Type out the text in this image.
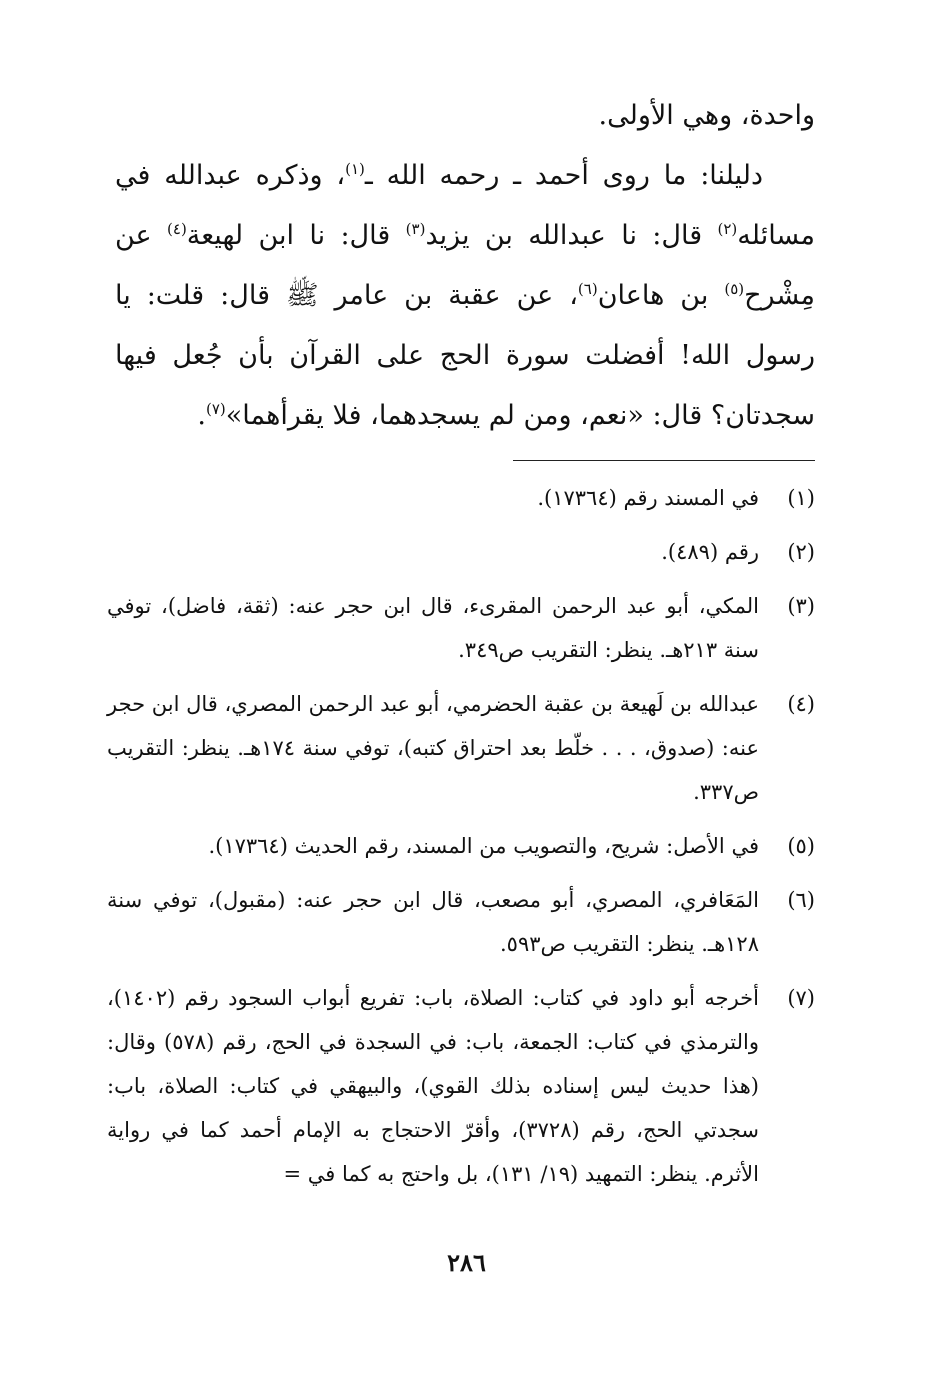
واحدة، وهي الأولى.

دليلنا: ما روى أحمد ـ رحمه الله ـ$^{(١)}$، وذكره عبدالله في مسائله$^{(٢)}$ قال: نا عبدالله بن يزيد$^{(٣)}$ قال: نا ابن لهيعة$^{(٤)}$ عن مِشْرح$^{(٥)}$ بن هاعان$^{(٦)}$، عن عقبة بن عامر ﷺ قال: قلت: يا رسول الله! أفضلت سورة الحج على القرآن بأن جُعل فيها سجدتان؟ قال: «نعم، ومن لم يسجدهما، فلا يقرأهما»$^{(٧)}$.

(١)
في المسند رقم (١٧٣٦٤).
(٢)
رقم (٤٨٩).
(٣)
المكي، أبو عبد الرحمن المقرىء، قال ابن حجر عنه: (ثقة، فاضل)، توفي سنة ٢١٣هـ. ينظر: التقريب ص٣٤٩.
(٤)
عبدالله بن لَهيعة بن عقبة الحضرمي، أبو عبد الرحمن المصري، قال ابن حجر عنه: (صدوق، . . . خلّط بعد احتراق كتبه)، توفي سنة ١٧٤هـ. ينظر: التقريب ص٣٣٧.
(٥)
في الأصل: شريح، والتصويب من المسند، رقم الحديث (١٧٣٦٤).
(٦)
المَعَافري، المصري، أبو مصعب، قال ابن حجر عنه: (مقبول)، توفي سنة ١٢٨هـ. ينظر: التقريب ص٥٩٣.
(٧)
أخرجه أبو داود في كتاب: الصلاة، باب: تفريع أبواب السجود رقم (١٤٠٢)، والترمذي في كتاب: الجمعة، باب: في السجدة في الحج، رقم (٥٧٨) وقال: (هذا حديث ليس إسناده بذلك القوي)، والبيهقي في كتاب: الصلاة، باب: سجدتي الحج، رقم (٣٧٢٨)، وأقرّ الاحتجاج به الإمام أحمد كما في رواية الأثرم. ينظر: التمهيد (١٩/ ١٣١)، بل واحتج به كما في =
٢٨٦
